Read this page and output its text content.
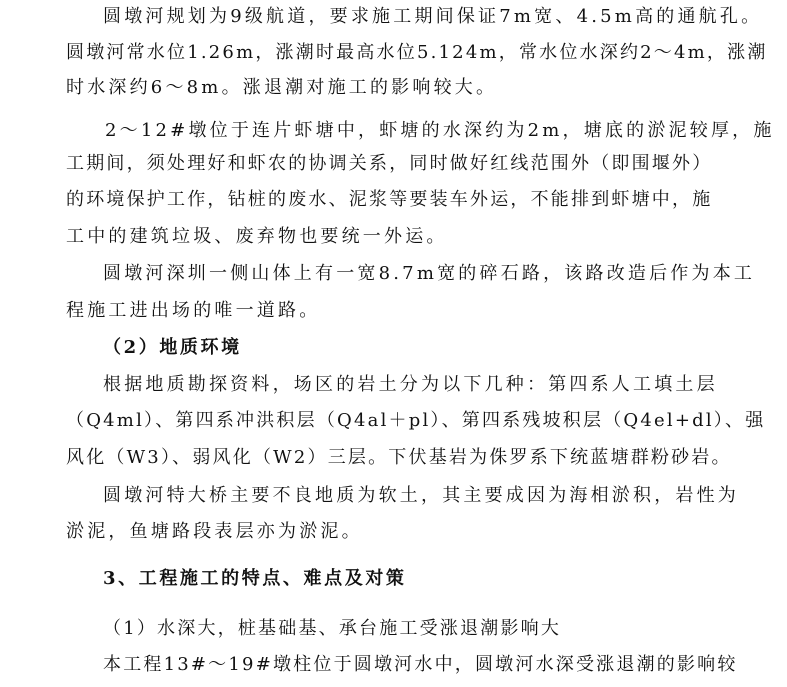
圆墩河规划为9级航道，要求施工期间保证7m宽、4.5m高的通航孔。
圆墩河常水位1.26m，涨潮时最高水位5.124m，常水位水深约2～4m，涨潮
时水深约6～8m。涨退潮对施工的影响较大。
2～12#墩位于连片虾塘中，虾塘的水深约为2m，塘底的淤泥较厚，施
工期间，须处理好和虾农的协调关系，同时做好红线范围外（即围堰外）
的环境保护工作，钻桩的废水、泥浆等要装车外运，不能排到虾塘中，施
工中的建筑垃圾、废弃物也要统一外运。
圆墩河深圳一侧山体上有一宽8.7m宽的碎石路，该路改造后作为本工
程施工进出场的唯一道路。
（2）地质环境
根据地质勘探资料，场区的岩土分为以下几种：第四系人工填土层
（Q4ml）、第四系冲洪积层（Q4al＋pl）、第四系残坡积层（Q4el+dl）、强
风化（W3）、弱风化（W2）三层。下伏基岩为侏罗系下统蓝塘群粉砂岩。
圆墩河特大桥主要不良地质为软土，其主要成因为海相淤积，岩性为
淤泥，鱼塘路段表层亦为淤泥。
3、工程施工的特点、难点及对策
（1）水深大，桩基础基、承台施工受涨退潮影响大
本工程13#～19#墩柱位于圆墩河水中，圆墩河水深受涨退潮的影响较
